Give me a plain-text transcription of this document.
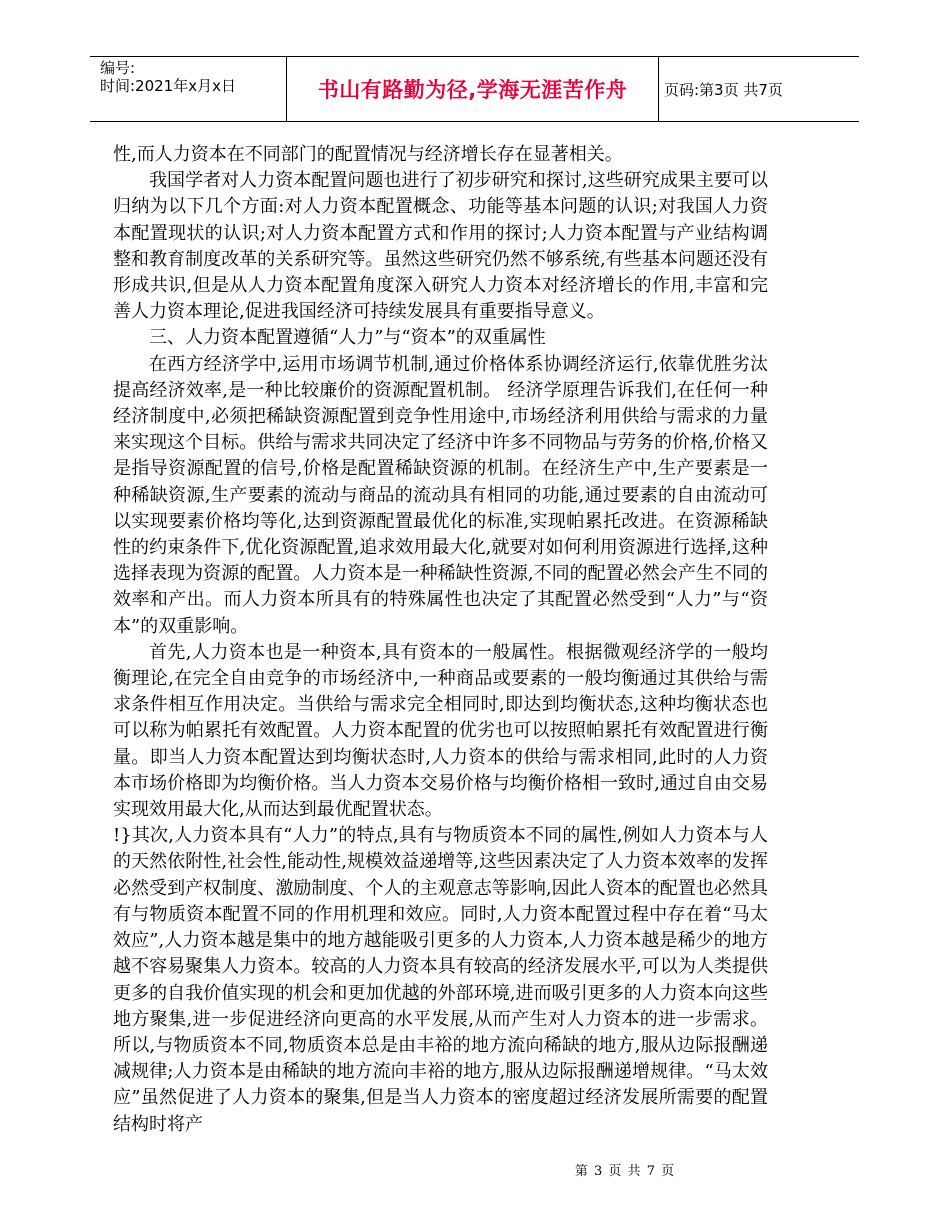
编号:
时间:2021年x月x日	书山有路勤为径,学海无涯苦作舟 页码:第3页 共7页

性,而人力资本在不同部门的配置情况与经济增长存在显著相关。

我国学者对人力资本配置问题也进行了初步研究和探讨,这些研究成果主要可以归纳为以下几个方面:对人力资本配置概念、功能等基本问题的认识;对我国人力资本配置现状的认识;对人力资本配置方式和作用的探讨;人力资本配置与产业结构调整和教育制度改革的关系研究等。虽然这些研究仍然不够系统,有些基本问题还没有形成共识,但是从人力资本配置角度深入研究人力资本对经济增长的作用,丰富和完善人力资本理论,促进我国经济可持续发展具有重要指导意义。

三、人力资本配置遵循“人力”与“资本”的双重属性

在西方经济学中,运用市场调节机制,通过价格体系协调经济运行,依靠优胜劣汰提高经济效率,是一种比较廉价的资源配置机制。 经济学原理告诉我们,在任何一种经济制度中,必须把稀缺资源配置到竞争性用途中,市场经济利用供给与需求的力量来实现这个目标。供给与需求共同决定了经济中许多不同物品与劳务的价格,价格又是指导资源配置的信号,价格是配置稀缺资源的机制。在经济生产中,生产要素是一种稀缺资源,生产要素的流动与商品的流动具有相同的功能,通过要素的自由流动可以实现要素价格均等化,达到资源配置最优化的标准,实现帕累托改进。在资源稀缺性的约束条件下,优化资源配置,追求效用最大化,就要对如何利用资源进行选择,这种选择表现为资源的配置。人力资本是一种稀缺性资源,不同的配置必然会产生不同的效率和产出。而人力资本所具有的特殊属性也决定了其配置必然受到“人力”与“资本”的双重影响。

首先,人力资本也是一种资本,具有资本的一般属性。根据微观经济学的一般均衡理论,在完全自由竞争的市场经济中,一种商品或要素的一般均衡通过其供给与需求条件相互作用决定。当供给与需求完全相同时,即达到均衡状态,这种均衡状态也可以称为帕累托有效配置。人力资本配置的优劣也可以按照帕累托有效配置进行衡量。即当人力资本配置达到均衡状态时,人力资本的供给与需求相同,此时的人力资本市场价格即为均衡价格。当人力资本交易价格与均衡价格相一致时,通过自由交易实现效用最大化,从而达到最优配置状态。

!}其次,人力资本具有“人力”的特点,具有与物质资本不同的属性,例如人力资本与人的天然依附性,社会性,能动性,规模效益递增等,这些因素决定了人力资本效率的发挥必然受到产权制度、激励制度、个人的主观意志等影响,因此人资本的配置也必然具有与物质资本配置不同的作用机理和效应。同时,人力资本配置过程中存在着“马太效应”,人力资本越是集中的地方越能吸引更多的人力资本,人力资本越是稀少的地方越不容易聚集人力资本。较高的人力资本具有较高的经济发展水平,可以为人类提供更多的自我价值实现的机会和更加优越的外部环境,进而吸引更多的人力资本向这些地方聚集,进一步促进经济向更高的水平发展,从而产生对人力资本的进一步需求。所以,与物质资本不同,物质资本总是由丰裕的地方流向稀缺的地方,服从边际报酬递减规律;人力资本是由稀缺的地方流向丰裕的地方,服从边际报酬递增规律。“马太效应”虽然促进了人力资本的聚集,但是当人力资本的密度超过经济发展所需要的配置结构时将产

第 3 页 共 7 页
